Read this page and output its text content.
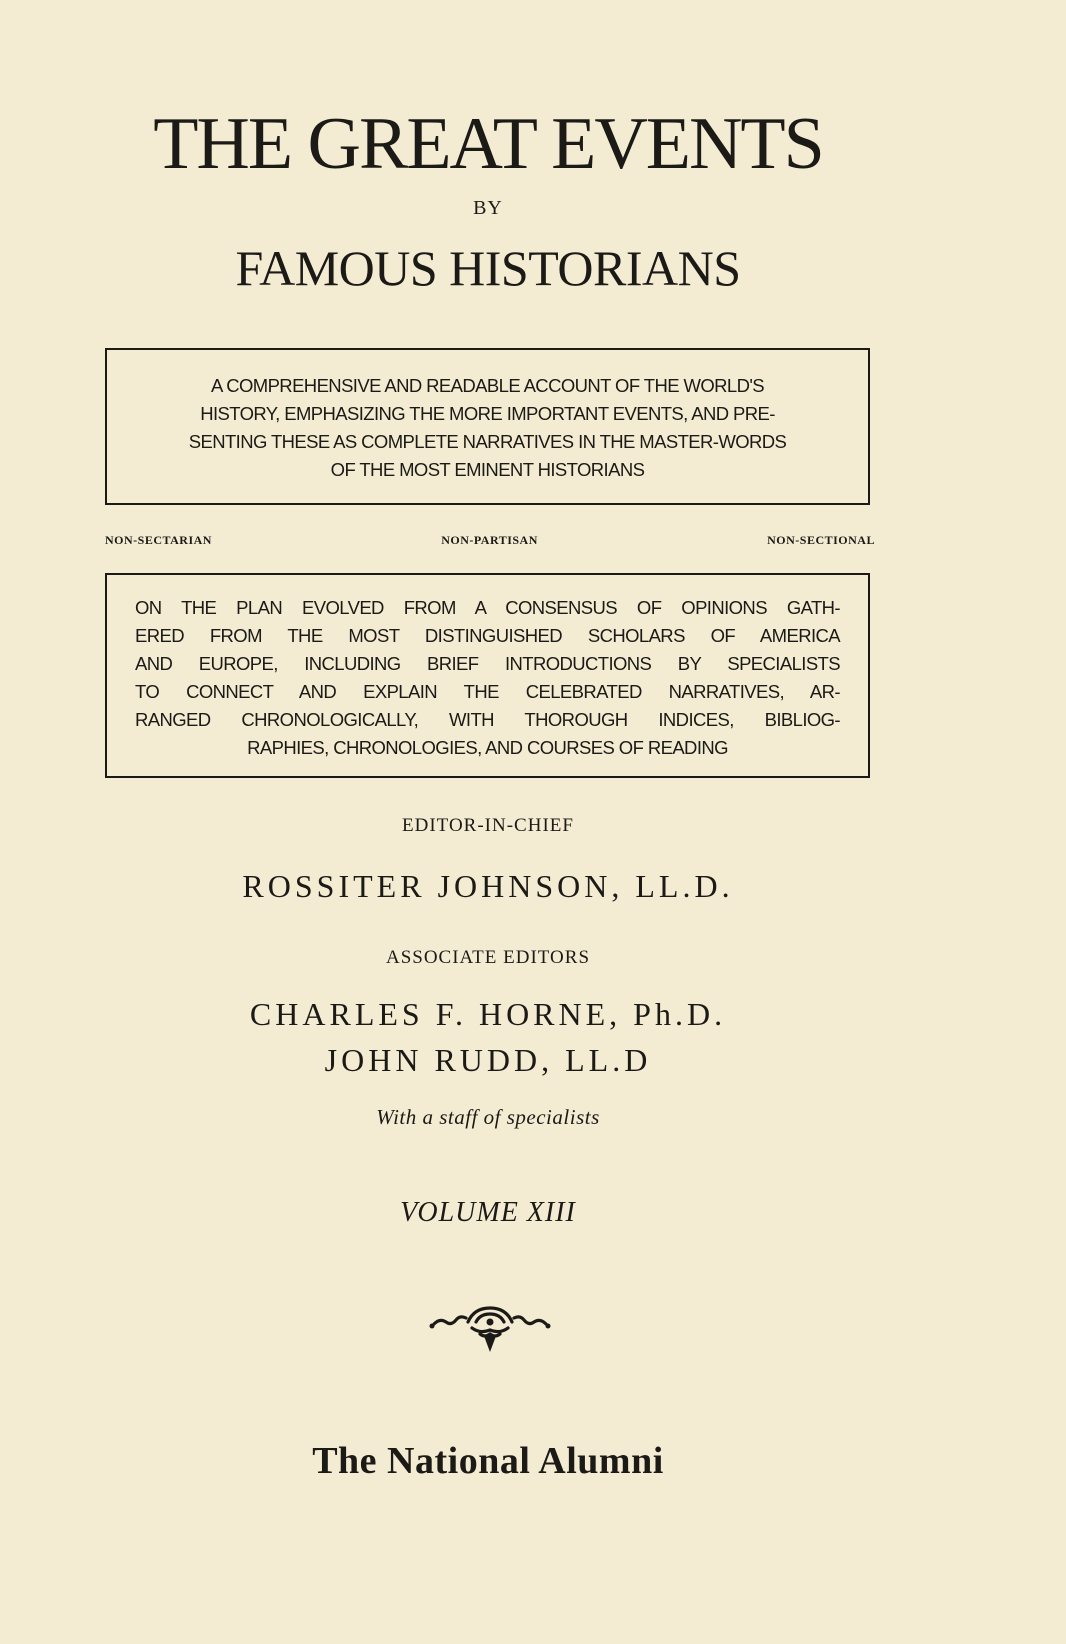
THE GREAT EVENTS
BY
FAMOUS HISTORIANS
A COMPREHENSIVE AND READABLE ACCOUNT OF THE WORLD'S
HISTORY, EMPHASIZING THE MORE IMPORTANT EVENTS, AND PRE-
SENTING THESE AS COMPLETE NARRATIVES IN THE MASTER-WORDS
OF THE MOST EMINENT HISTORIANS
NON-SECTARIAN	NON-PARTISAN	NON-SECTIONAL
ON THE PLAN EVOLVED FROM A CONSENSUS OF OPINIONS GATH-
ERED FROM THE MOST DISTINGUISHED SCHOLARS OF AMERICA
AND EUROPE, INCLUDING BRIEF INTRODUCTIONS BY SPECIALISTS
TO CONNECT AND EXPLAIN THE CELEBRATED NARRATIVES, AR-
RANGED CHRONOLOGICALLY, WITH THOROUGH INDICES, BIBLIOG-
RAPHIES, CHRONOLOGIES, AND COURSES OF READING
EDITOR-IN-CHIEF
ROSSITER JOHNSON, LL.D.
ASSOCIATE EDITORS
CHARLES F. HORNE, Ph.D.
JOHN RUDD, LL.D
With a staff of specialists
VOLUME XIII
The National Alumni
